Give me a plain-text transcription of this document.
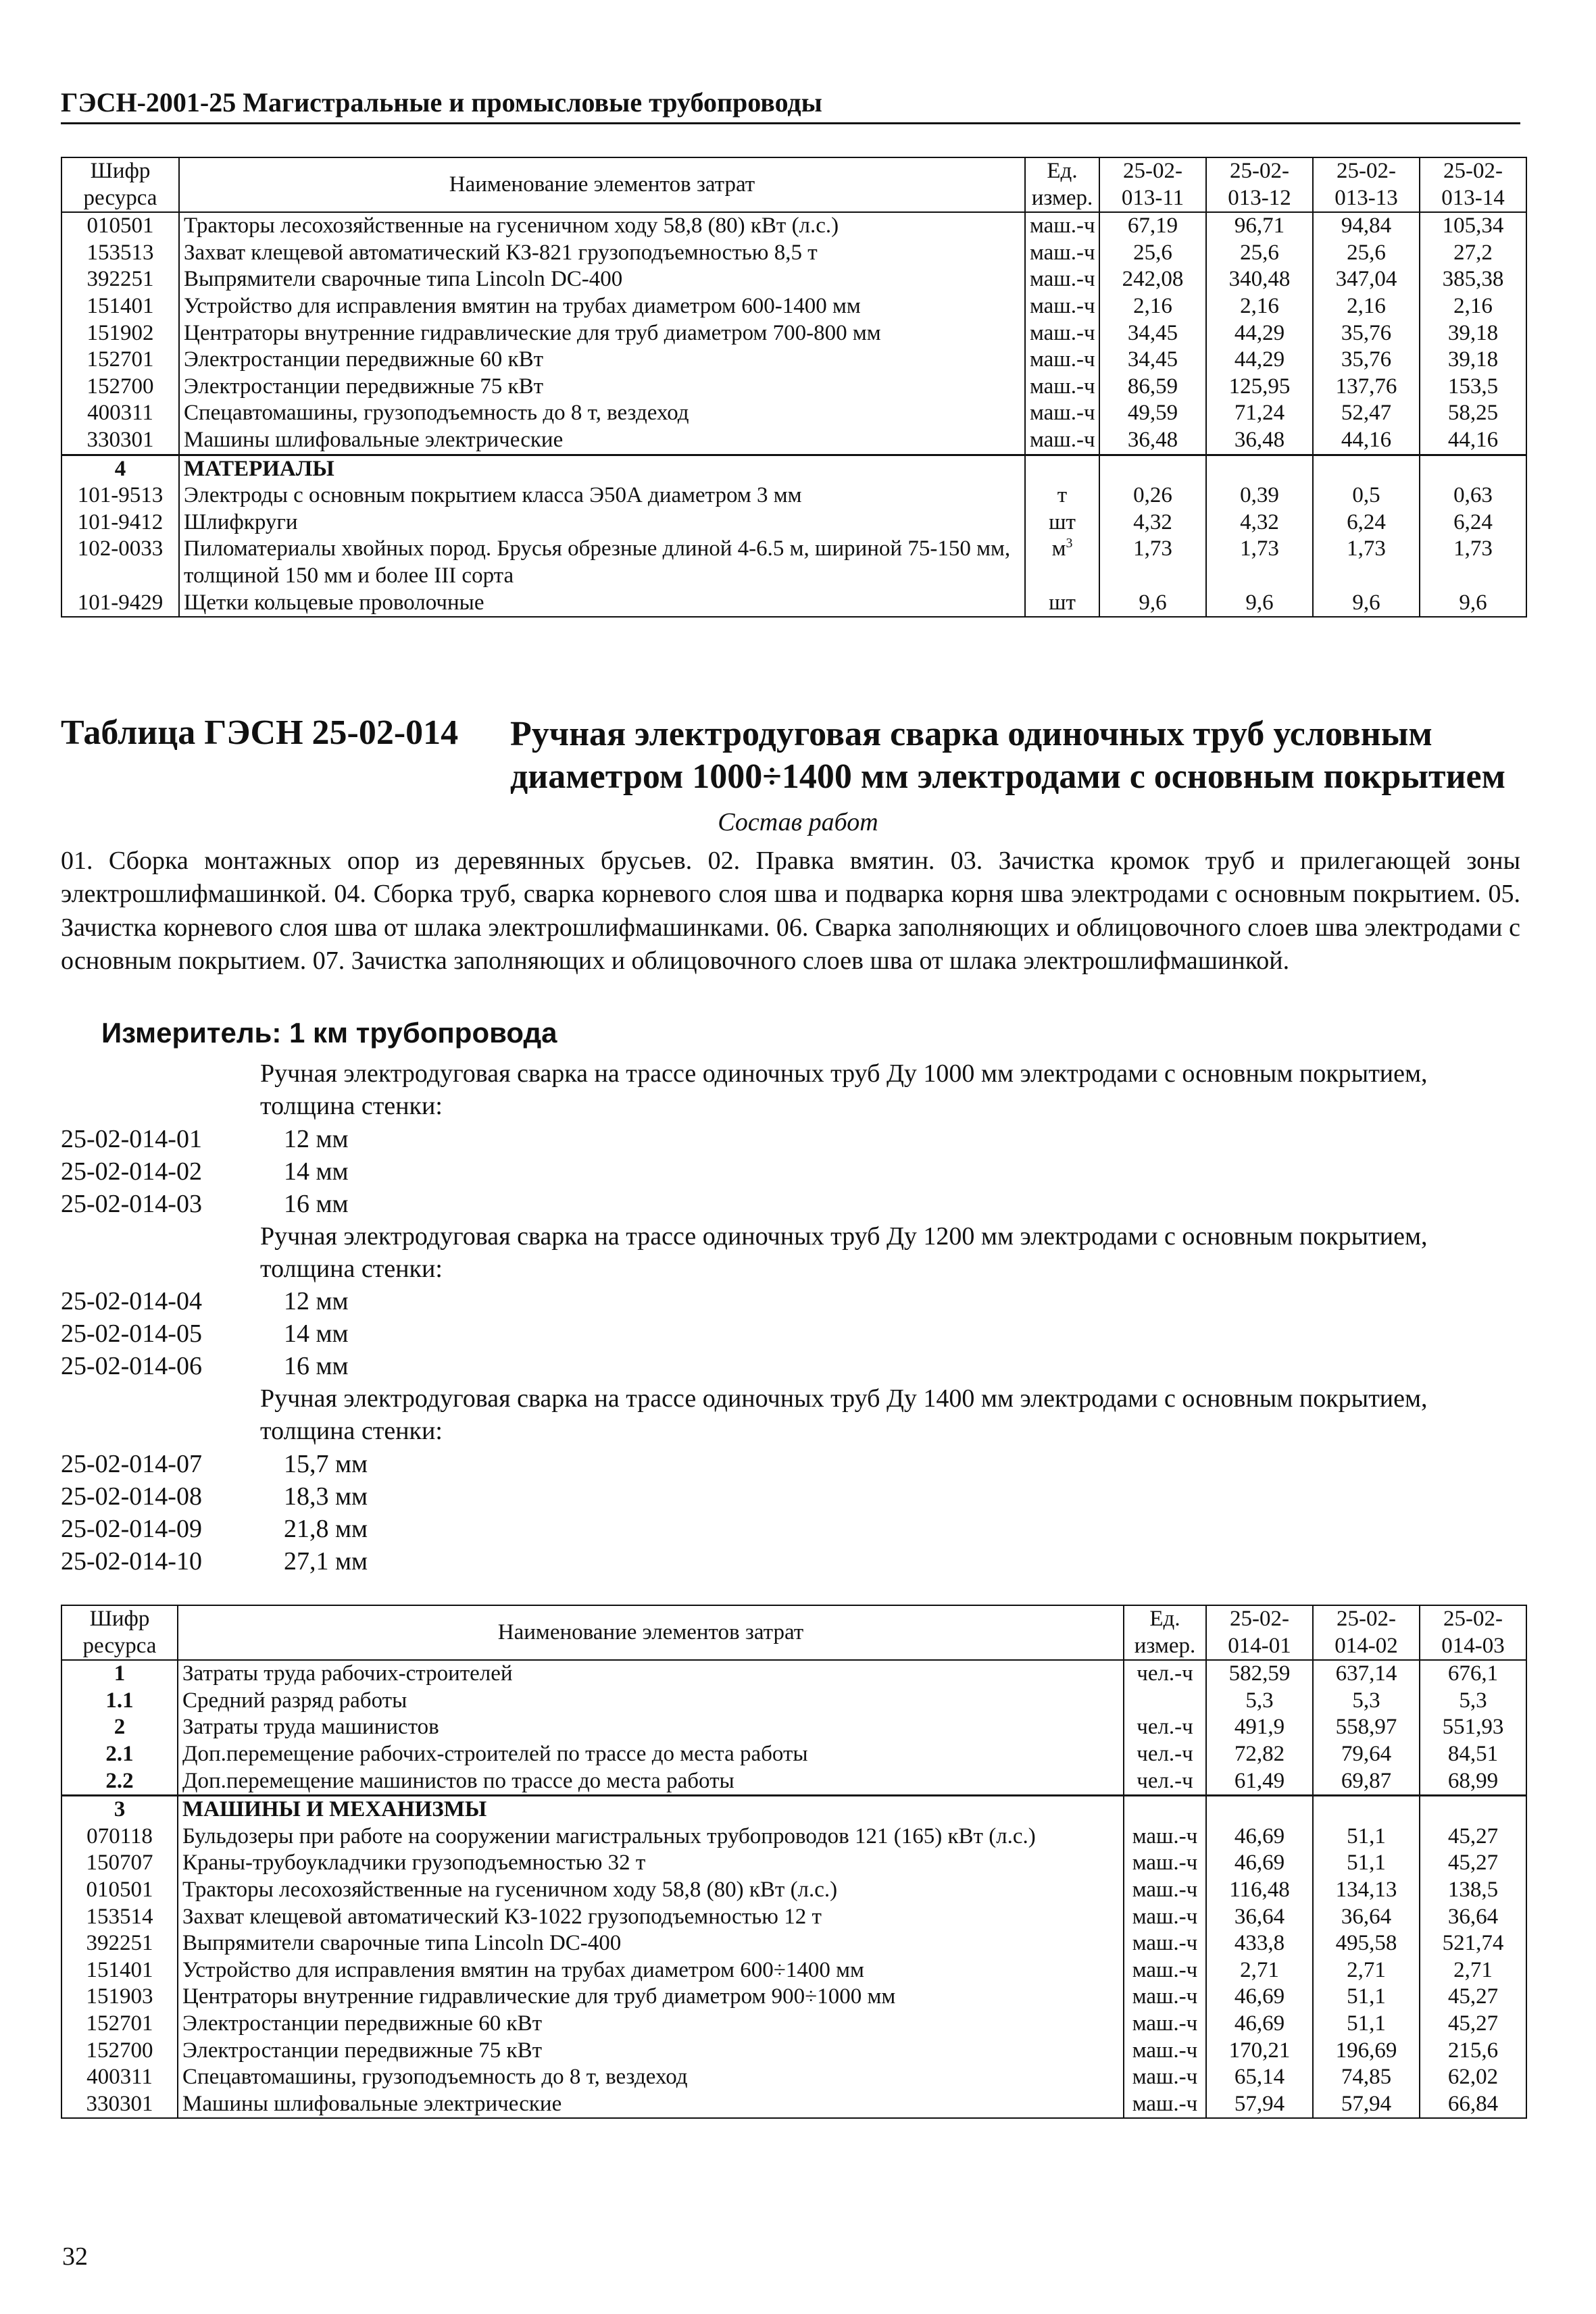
ГЭСН-2001-25 Магистральные и промысловые трубопроводы
Шифр ресурса	Наименование элементов затрат	Ед. измер.	25-02-013-11	25-02-013-12	25-02-013-13	25-02-013-14
010501	Тракторы лесохозяйственные на гусеничном ходу 58,8 (80) кВт (л.с.)	маш.-ч	67,19	96,71	94,84	105,34
153513	Захват клещевой автоматический КЗ-821 грузоподъемностью 8,5 т	маш.-ч	25,6	25,6	25,6	27,2
392251	Выпрямители сварочные типа Lincoln DC-400	маш.-ч	242,08	340,48	347,04	385,38
151401	Устройство для исправления вмятин на трубах диаметром 600-1400 мм	маш.-ч	2,16	2,16	2,16	2,16
151902	Центраторы внутренние гидравлические для труб диаметром 700-800 мм	маш.-ч	34,45	44,29	35,76	39,18
152701	Электростанции передвижные 60 кВт	маш.-ч	34,45	44,29	35,76	39,18
152700	Электростанции передвижные 75 кВт	маш.-ч	86,59	125,95	137,76	153,5
400311	Спецавтомашины, грузоподъемность до 8 т, вездеход	маш.-ч	49,59	71,24	52,47	58,25
330301	Машины шлифовальные электрические	маш.-ч	36,48	36,48	44,16	44,16
4	МАТЕРИАЛЫ					
101-9513	Электроды с основным покрытием класса Э50А диаметром 3 мм	т	0,26	0,39	0,5	0,63
101-9412	Шлифкруги	шт	4,32	4,32	6,24	6,24
102-0033	Пиломатериалы хвойных пород. Брусья обрезные длиной 4-6.5 м, шириной 75-150 мм, толщиной 150 мм и более III сорта	$м^3$	1,73	1,73	1,73	1,73
101-9429	Щетки кольцевые проволочные	шт	9,6	9,6	9,6	9,6
Таблица ГЭСН 25-02-014 Ручная электродуговая сварка одиночных труб условным диаметром 1000÷1400 мм электродами с основным покрытием
Состав работ
01. Сборка монтажных опор из деревянных брусьев. 02. Правка вмятин. 03. Зачистка кромок труб и прилегающей зоны электрошлифмашинкой. 04. Сборка труб, сварка корневого слоя шва и подварка корня шва электродами с основным покрытием. 05. Зачистка корневого слоя шва от шлака электрошлифмашинками. 06. Сварка заполняющих и облицовочного слоев шва электродами с основным покрытием. 07. Зачистка заполняющих и облицовочного слоев шва от шлака электрошлифмашинкой.
Измеритель: 1 км трубопровода
Ручная электродуговая сварка на трассе одиночных труб Ду 1000 мм электродами с основным покрытием, толщина стенки:
25-02-014-01	12 мм
25-02-014-02	14 мм
25-02-014-03	16 мм
Ручная электродуговая сварка на трассе одиночных труб Ду 1200 мм электродами с основным покрытием, толщина стенки:
25-02-014-04	12 мм
25-02-014-05	14 мм
25-02-014-06	16 мм
Ручная электродуговая сварка на трассе одиночных труб Ду 1400 мм электродами с основным покрытием, толщина стенки:
25-02-014-07	15,7 мм
25-02-014-08	18,3 мм
25-02-014-09	21,8 мм
25-02-014-10	27,1 мм
Шифр ресурса	Наименование элементов затрат	Ед. измер.	25-02-014-01	25-02-014-02	25-02-014-03
1	Затраты труда рабочих-строителей	чел.-ч	582,59	637,14	676,1
1.1	Средний разряд работы		5,3	5,3	5,3
2	Затраты труда машинистов	чел.-ч	491,9	558,97	551,93
2.1	Доп.перемещение рабочих-строителей по трассе до места работы	чел.-ч	72,82	79,64	84,51
2.2	Доп.перемещение машинистов по трассе до места работы	чел.-ч	61,49	69,87	68,99
3	МАШИНЫ И МЕХАНИЗМЫ				
070118	Бульдозеры при работе на сооружении магистральных трубопроводов 121 (165) кВт (л.с.)	маш.-ч	46,69	51,1	45,27
150707	Краны-трубоукладчики грузоподъемностью 32 т	маш.-ч	46,69	51,1	45,27
010501	Тракторы лесохозяйственные на гусеничном ходу 58,8 (80) кВт (л.с.)	маш.-ч	116,48	134,13	138,5
153514	Захват клещевой автоматический КЗ-1022 грузоподъемностью 12 т	маш.-ч	36,64	36,64	36,64
392251	Выпрямители сварочные типа Lincoln DC-400	маш.-ч	433,8	495,58	521,74
151401	Устройство для исправления вмятин на трубах диаметром 600÷1400 мм	маш.-ч	2,71	2,71	2,71
151903	Центраторы внутренние гидравлические для труб диаметром 900÷1000 мм	маш.-ч	46,69	51,1	45,27
152701	Электростанции передвижные 60 кВт	маш.-ч	46,69	51,1	45,27
152700	Электростанции передвижные 75 кВт	маш.-ч	170,21	196,69	215,6
400311	Спецавтомашины, грузоподъемность до 8 т, вездеход	маш.-ч	65,14	74,85	62,02
330301	Машины шлифовальные электрические	маш.-ч	57,94	57,94	66,84
32
